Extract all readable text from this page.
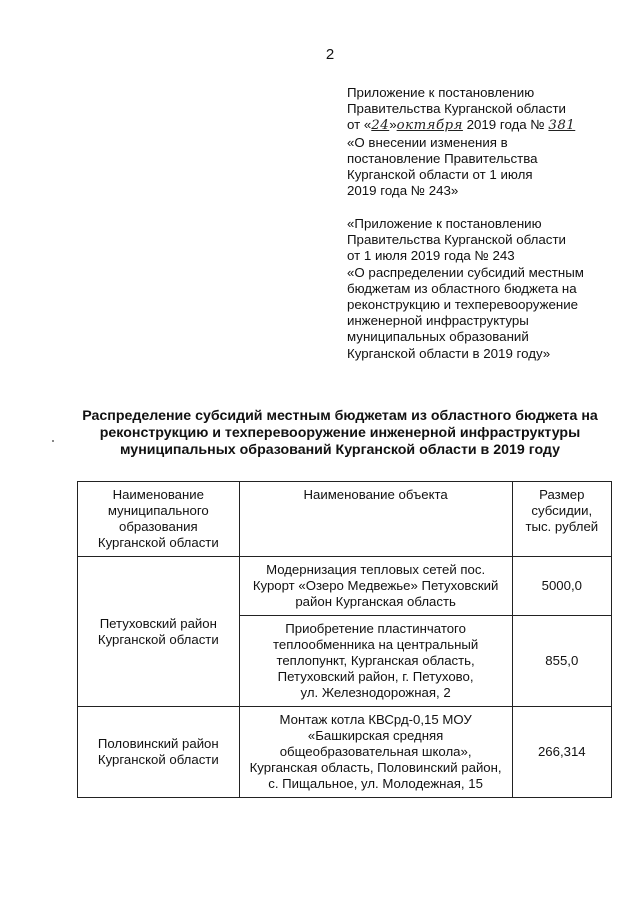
2
Приложение к постановлению
Правительства Курганской области
от «24»октября 2019 года № 381
«О внесении изменения в
постановление Правительства
Курганской области от 1 июля
2019 года № 243»
«Приложение к постановлению
Правительства Курганской области
от 1 июля 2019 года № 243
«О распределении субсидий местным
бюджетам из областного бюджета на
реконструкцию и техперевооружение
инженерной инфраструктуры
муниципальных образований
Курганской области в 2019 году»
Распределение субсидий местным бюджетам из областного бюджета на
реконструкцию и техперевооружение инженерной инфраструктуры
муниципальных образований Курганской области в 2019 году
Наименование
муниципального
образования
Курганской области	Наименование объекта	Размер
субсидии,
тыс. рублей

Петуховский район
Курганской области	Модернизация тепловых сетей пос.
Курорт «Озеро Медвежье» Петуховский
район Курганская область	5000,0

	Приобретение пластинчатого
теплообменника на центральный
теплопункт, Курганская область,
Петуховский район, г. Петухово,
ул. Железнодорожная, 2	855,0

Половинский район
Курганской области	Монтаж котла КВСрд-0,15 МОУ
«Башкирская средняя
общеобразовательная школа»,
Курганская область, Половинский район,
с. Пищальное, ул. Молодежная, 15	266,314
